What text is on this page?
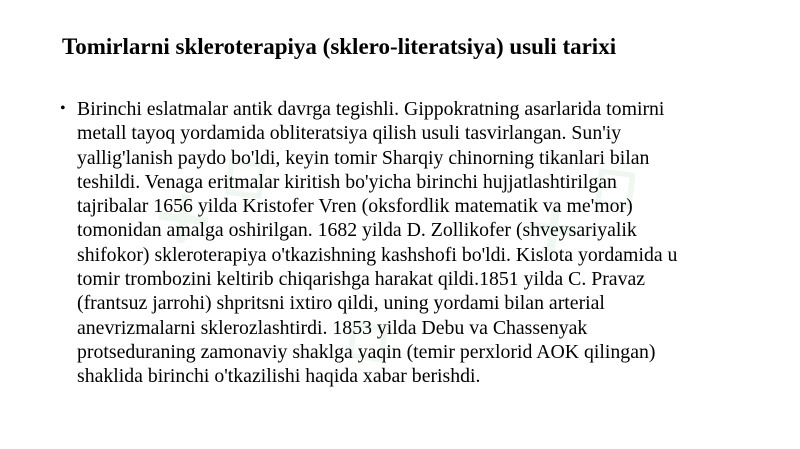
✕ ◇	✕ ◇
◇
Tomirlarni skleroterapiya (sklero-literatsiya) usuli tarixi
• Birinchi eslatmalar antik davrga tegishli. Gippokratning asarlarida tomirni
metall tayoq yordamida obliteratsiya qilish usuli tasvirlangan. Sun'iy
yallig'lanish paydo bo'ldi, keyin tomir Sharqiy chinorning tikanlari bilan
teshildi. Venaga eritmalar kiritish bo'yicha birinchi hujjatlashtirilgan
tajribalar 1656 yilda Kristofer Vren (oksfordlik matematik va me'mor)
tomonidan amalga oshirilgan. 1682 yilda D. Zollikofer (shveysariyalik
shifokor) skleroterapiya o'tkazishning kashshofi bo'ldi. Kislota yordamida u
tomir trombozini keltirib chiqarishga harakat qildi.1851 yilda C. Pravaz
(frantsuz jarrohi) shpritsni ixtiro qildi, uning yordami bilan arterial
anevrizmalarni sklerozlashtirdi. 1853 yilda Debu va Chassenyak
protseduraning zamonaviy shaklga yaqin (temir perxlorid AOK qilingan)
shaklida birinchi o'tkazilishi haqida xabar berishdi.
